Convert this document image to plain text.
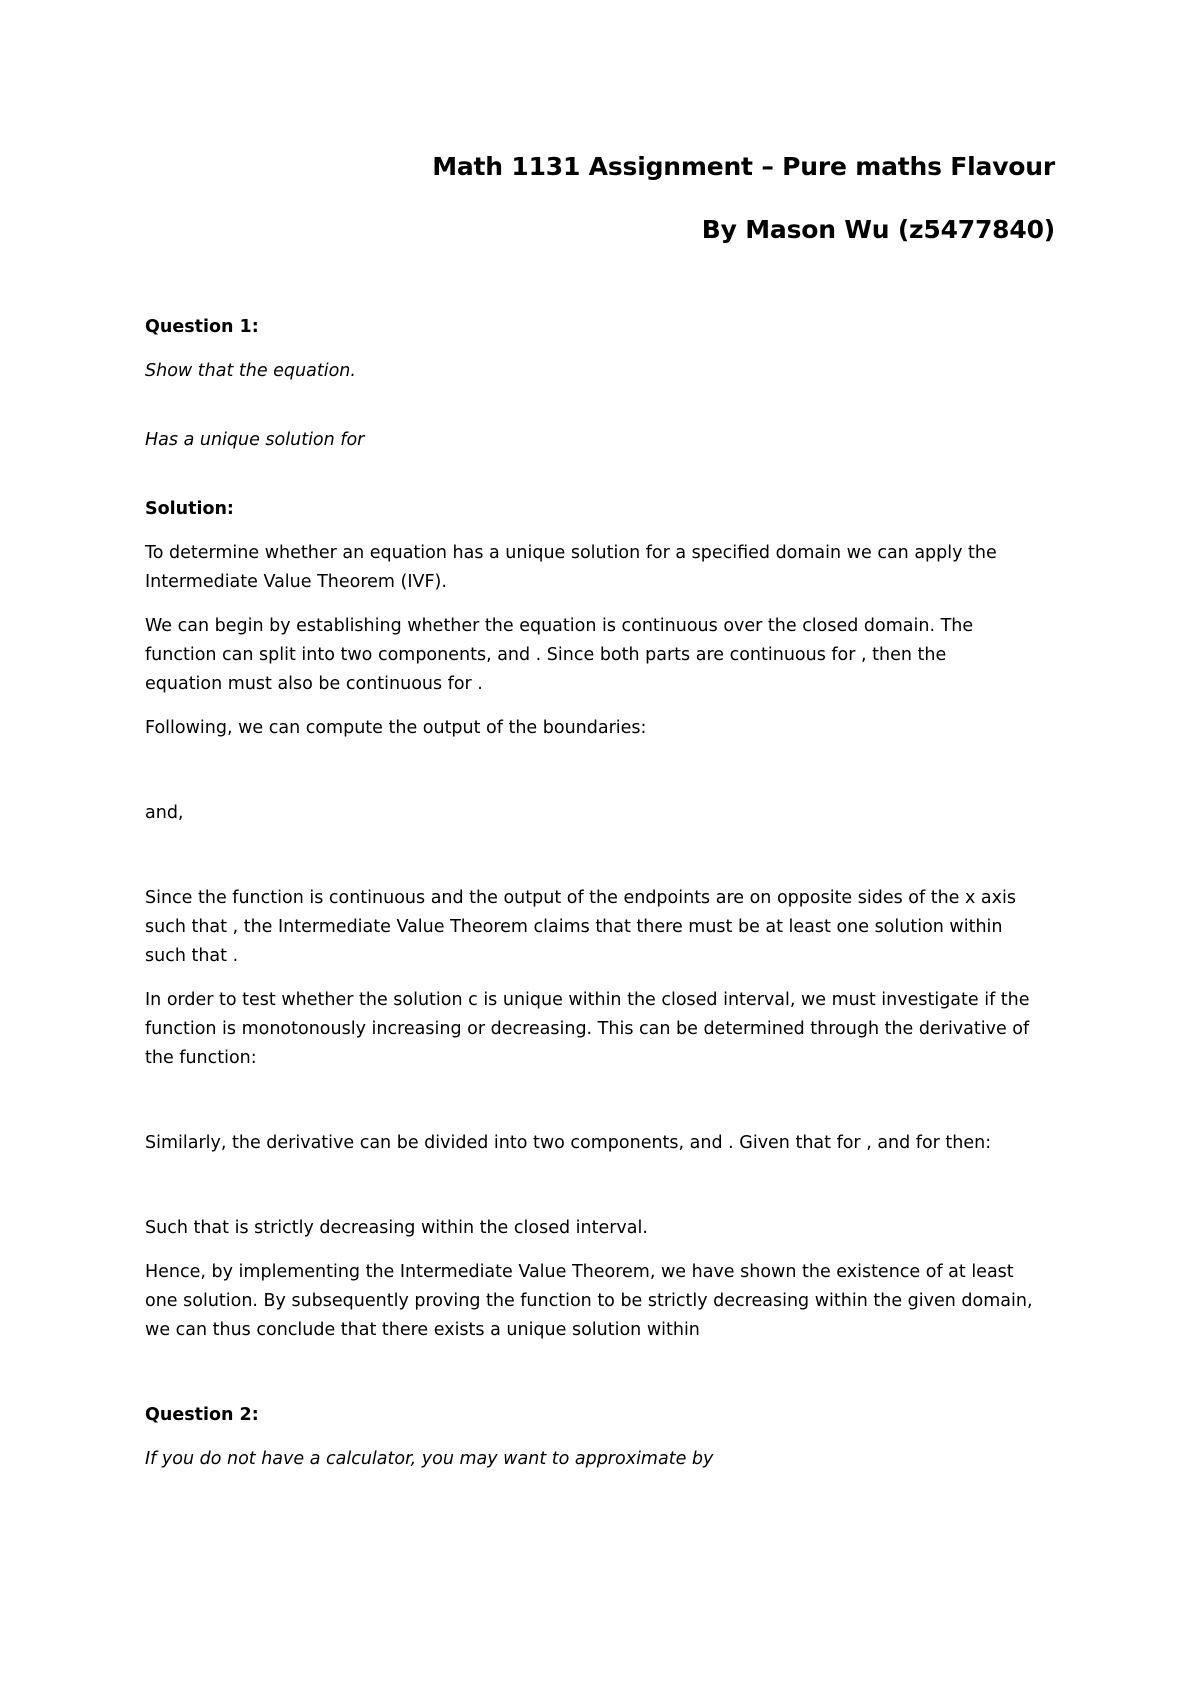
Math 1131 Assignment – Pure maths Flavour
By Mason Wu (z5477840)

Question 1:

Show that the equation.

Has a unique solution for

Solution:

To determine whether an equation has a unique solution for a specified domain we can apply the
Intermediate Value Theorem (IVF).

We can begin by establishing whether the equation is continuous over the closed domain. The
function can split into two components, and . Since both parts are continuous for , then the
equation must also be continuous for .

Following, we can compute the output of the boundaries:

and,

Since the function is continuous and the output of the endpoints are on opposite sides of the x axis
such that , the Intermediate Value Theorem claims that there must be at least one solution within
such that .

In order to test whether the solution c is unique within the closed interval, we must investigate if the
function is monotonously increasing or decreasing. This can be determined through the derivative of
the function:

Similarly, the derivative can be divided into two components, and . Given that for , and for then:

Such that is strictly decreasing within the closed interval.

Hence, by implementing the Intermediate Value Theorem, we have shown the existence of at least
one solution. By subsequently proving the function to be strictly decreasing within the given domain,
we can thus conclude that there exists a unique solution within

Question 2:

If you do not have a calculator, you may want to approximate by
